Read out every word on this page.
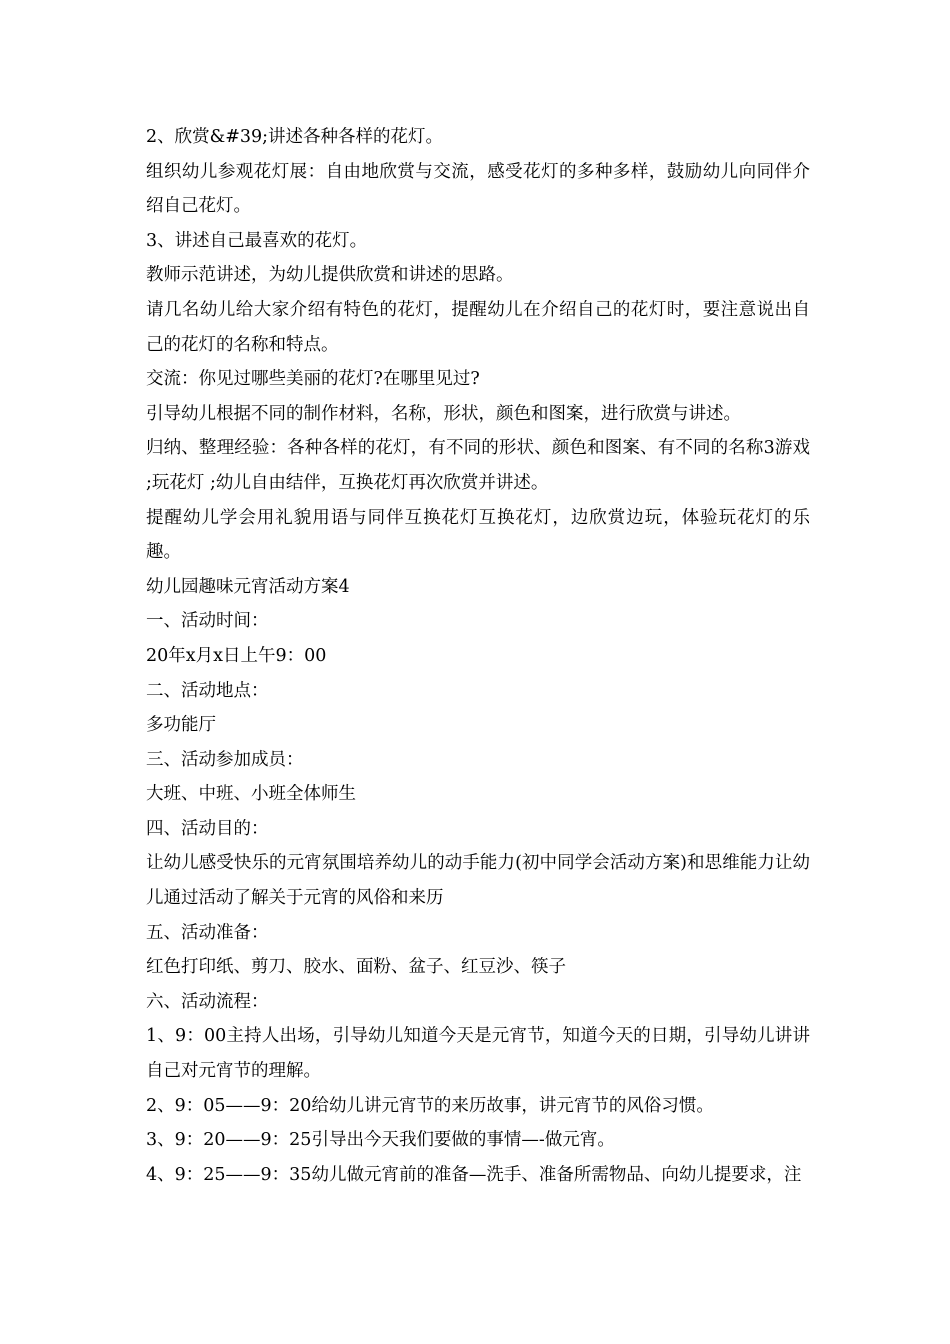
2、欣赏&#39;讲述各种各样的花灯。

组织幼儿参观花灯展：自由地欣赏与交流，感受花灯的多种多样，鼓励幼儿向同伴介绍自己花灯。

3、讲述自己最喜欢的花灯。

教师示范讲述，为幼儿提供欣赏和讲述的思路。

请几名幼儿给大家介绍有特色的花灯，提醒幼儿在介绍自己的花灯时，要注意说出自己的花灯的名称和特点。

交流：你见过哪些美丽的花灯?在哪里见过?

引导幼儿根据不同的制作材料，名称，形状，颜色和图案，进行欣赏与讲述。

归纳、整理经验：各种各样的花灯，有不同的形状、颜色和图案、有不同的名称3游戏 ;玩花灯 ;幼儿自由结伴，互换花灯再次欣赏并讲述。

提醒幼儿学会用礼貌用语与同伴互换花灯互换花灯，边欣赏边玩，体验玩花灯的乐趣。

幼儿园趣味元宵活动方案4

一、活动时间：

20年x月x日上午9：00

二、活动地点：

多功能厅

三、活动参加成员：

大班、中班、小班全体师生

四、活动目的：

让幼儿感受快乐的元宵氛围培养幼儿的动手能力(初中同学会活动方案)和思维能力让幼儿通过活动了解关于元宵的风俗和来历

五、活动准备：

红色打印纸、剪刀、胶水、面粉、盆子、红豆沙、筷子

六、活动流程：

1、9：00主持人出场，引导幼儿知道今天是元宵节，知道今天的日期，引导幼儿讲讲自己对元宵节的理解。

2、9：05——9：20给幼儿讲元宵节的来历故事，讲元宵节的风俗习惯。

3、9：20——9：25引导出今天我们要做的事情—-做元宵。

4、9：25——9：35幼儿做元宵前的准备—洗手、准备所需物品、向幼儿提要求，注
